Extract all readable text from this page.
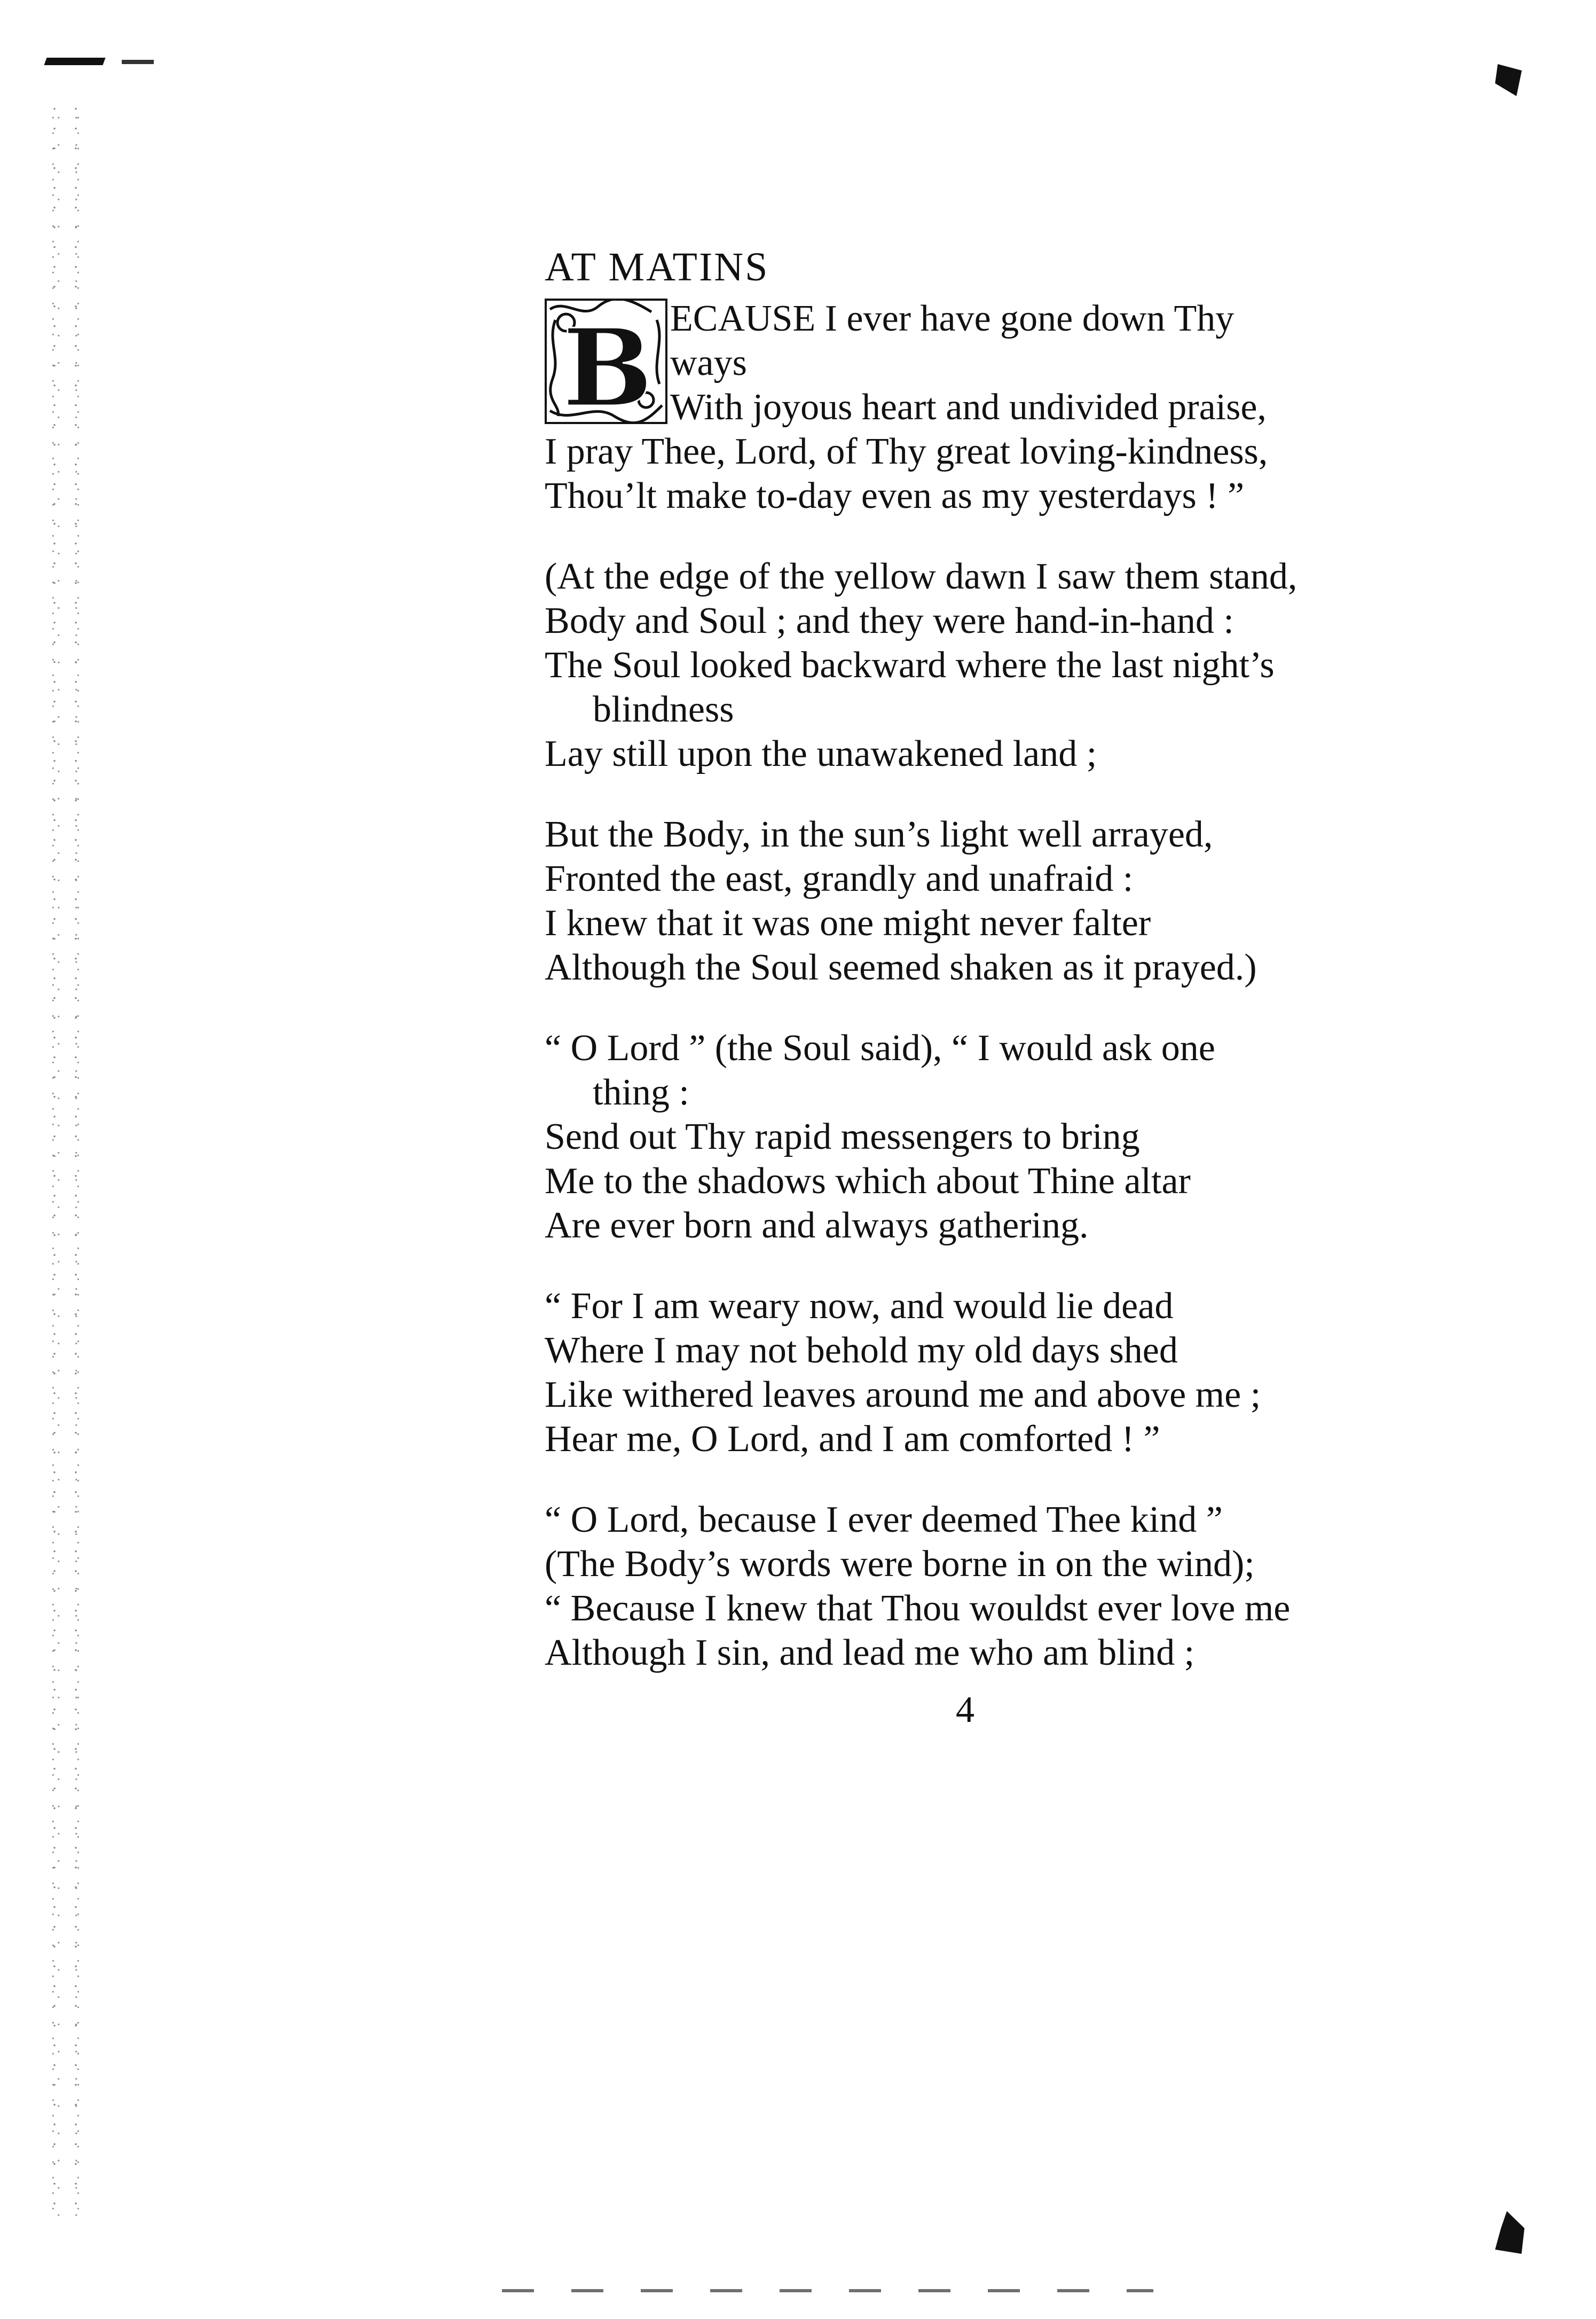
AT MATINS
B ECAUSE I ever have gone down Thy
ways
With joyous heart and undivided praise,
I pray Thee, Lord, of Thy great loving-kindness,
Thou’lt make to-day even as my yesterdays ! ”
(At the edge of the yellow dawn I saw them stand,
Body and Soul ; and they were hand-in-hand :
The Soul looked backward where the last night’s
blindness
Lay still upon the unawakened land ;
But the Body, in the sun’s light well arrayed,
Fronted the east, grandly and unafraid :
I knew that it was one might never falter
Although the Soul seemed shaken as it prayed.)
“ O Lord ” (the Soul said), “ I would ask one
thing :
Send out Thy rapid messengers to bring
Me to the shadows which about Thine altar
Are ever born and always gathering.
“ For I am weary now, and would lie dead
Where I may not behold my old days shed
Like withered leaves around me and above me ;
Hear me, O Lord, and I am comforted ! ”
“ O Lord, because I ever deemed Thee kind ”
(The Body’s words were borne in on the wind);
“ Because I knew that Thou wouldst ever love me
Although I sin, and lead me who am blind ;
4
